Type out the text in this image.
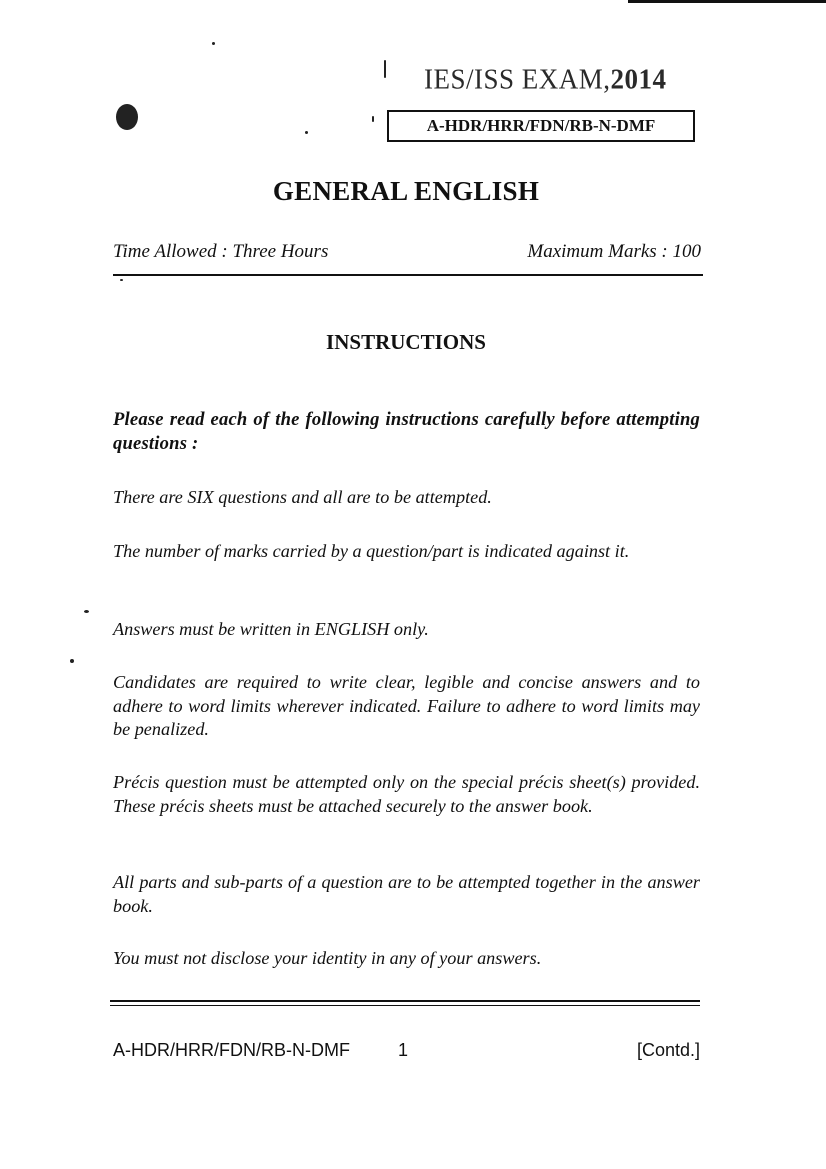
IES/ISS EXAM,2014
A-HDR/HRR/FDN/RB-N-DMF
GENERAL ENGLISH
Time Allowed : Three Hours	Maximum Marks : 100
INSTRUCTIONS

Please read each of the following instructions carefully before attempting questions :

There are SIX questions and all are to be attempted.

The number of marks carried by a question/part is indicated against it.

Answers must be written in ENGLISH only.

Candidates are required to write clear, legible and concise answers and to adhere to word limits wherever indicated. Failure to adhere to word limits may be penalized.

Précis question must be attempted only on the special précis sheet(s) provided. These précis sheets must be attached securely to the answer book.

All parts and sub-parts of a question are to be attempted together in the answer book.

You must not disclose your identity in any of your answers.

A-HDR/HRR/FDN/RB-N-DMF	1	[Contd.]
